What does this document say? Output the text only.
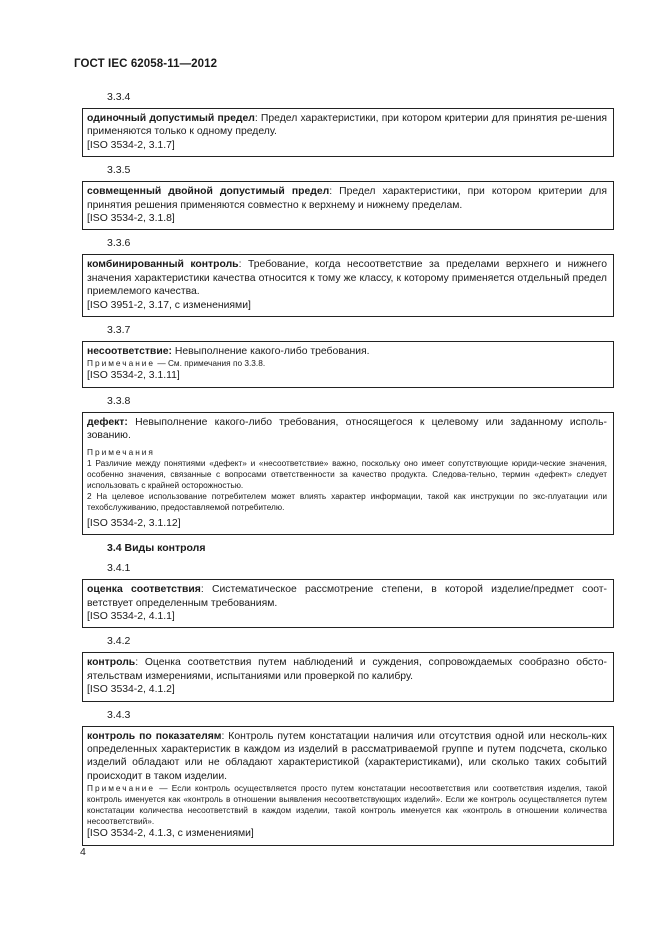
ГОСТ IEC 62058-11—2012
3.3.4

одиночный допустимый предел: Предел характеристики, при котором критерии для принятия ре-шения применяются только к одному пределу.

[ISO 3534-2, 3.1.7]

3.3.5

совмещенный двойной допустимый предел: Предел характеристики, при котором критерии для принятия решения применяются совместно к верхнему и нижнему пределам.

[ISO 3534-2, 3.1.8]

3.3.6

комбинированный контроль: Требование, когда несоответствие за пределами верхнего и нижнего значения характеристики качества относится к тому же классу, к которому применяется отдельный предел приемлемого качества.

[ISO 3951-2, 3.17, с изменениями]

3.3.7

несоответствие: Невыполнение какого-либо требования.

Примечание — См. примечания по 3.3.8.

[ISO 3534-2, 3.1.11]

3.3.8

дефект: Невыполнение какого-либо требования, относящегося к целевому или заданному исполь-зованию.

Примечания
1 Различие между понятиями «дефект» и «несоответствие» важно, поскольку оно имеет сопутствующие юриди-ческие значения, особенно значения, связанные с вопросами ответственности за качество продукта. Следова-тельно, термин «дефект» следует использовать с крайней осторожностью.
2 На целевое использование потребителем может влиять характер информации, такой как инструкции по экс-плуатации или техобслуживанию, предоставляемой потребителю.

[ISO 3534-2, 3.1.12]

3.4 Виды контроля
3.4.1

оценка соответствия: Систематическое рассмотрение степени, в которой изделие/предмет соот-ветствует определенным требованиям.

[ISO 3534-2, 4.1.1]

3.4.2

контроль: Оценка соответствия путем наблюдений и суждения, сопровождаемых сообразно обсто-ятельствам измерениями, испытаниями или проверкой по калибру.

[ISO 3534-2, 4.1.2]

3.4.3

контроль по показателям: Контроль путем констатации наличия или отсутствия одной или несколь-ких определенных характеристик в каждом из изделий в рассматриваемой группе и путем подсчета, сколько изделий обладают или не обладают характеристикой (характеристиками), или сколько таких событий происходит в таком изделии.

Примечание — Если контроль осуществляется просто путем констатации несоответствия или соответствия изделия, такой контроль именуется как «контроль в отношении выявления несоответствующих изделий». Если же контроль осуществляется путем констатации количества несоответствий в каждом изделии, такой контроль именуется как «контроль в отношении количества несоответствий».

[ISO 3534-2, 4.1.3, с изменениями]

4
